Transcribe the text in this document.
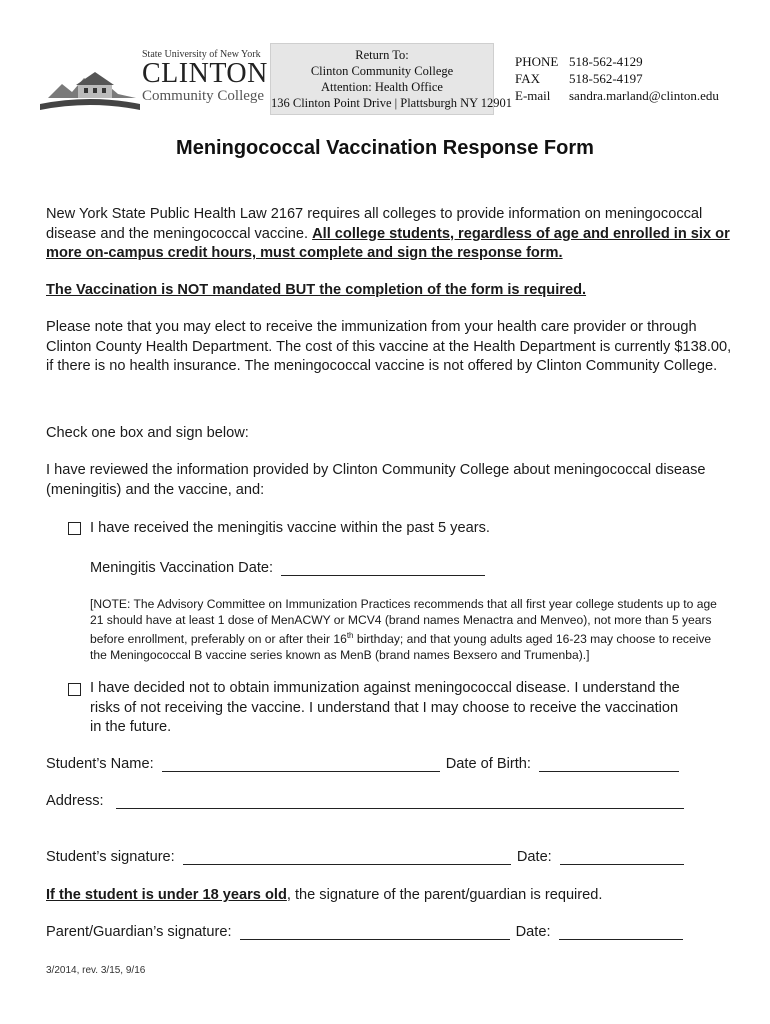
State University of New York
CLINTON
Community College
Return To:
Clinton Community College
Attention: Health Office
136 Clinton Point Drive | Plattsburgh NY 12901
PHONE 518-562-4129
FAX	518-562-4197
E-mail	sandra.marland@clinton.edu
Meningococcal Vaccination Response Form
New York State Public Health Law 2167 requires all colleges to provide information on meningococcal disease and the meningococcal vaccine. All college students, regardless of age and enrolled in six or more on-campus credit hours, must complete and sign the response form.
The Vaccination is NOT mandated BUT the completion of the form is required.
Please note that you may elect to receive the immunization from your health care provider or through Clinton County Health Department. The cost of this vaccine at the Health Department is currently $138.00, if there is no health insurance. The meningococcal vaccine is not offered by Clinton Community College.
Check one box and sign below:
I have reviewed the information provided by Clinton Community College about meningococcal disease (meningitis) and the vaccine, and:
I have received the meningitis vaccine within the past 5 years.
Meningitis Vaccination Date:
[NOTE: The Advisory Committee on Immunization Practices recommends that all first year college students up to age 21 should have at least 1 dose of MenACWY or MCV4 (brand names Menactra and Menveo), not more than 5 years before enrollment, preferably on or after their 16th birthday; and that young adults aged 16-23 may choose to receive the Meningococcal B vaccine series known as MenB (brand names Bexsero and Trumenba).]
I have decided not to obtain immunization against meningococcal disease. I understand the risks of not receiving the vaccine. I understand that I may choose to receive the vaccination in the future.
Student’s Name:	Date of Birth:
Address:
Student’s signature:	Date:
If the student is under 18 years old, the signature of the parent/guardian is required.
Parent/Guardian’s signature:	Date:
3/2014, rev. 3/15, 9/16
